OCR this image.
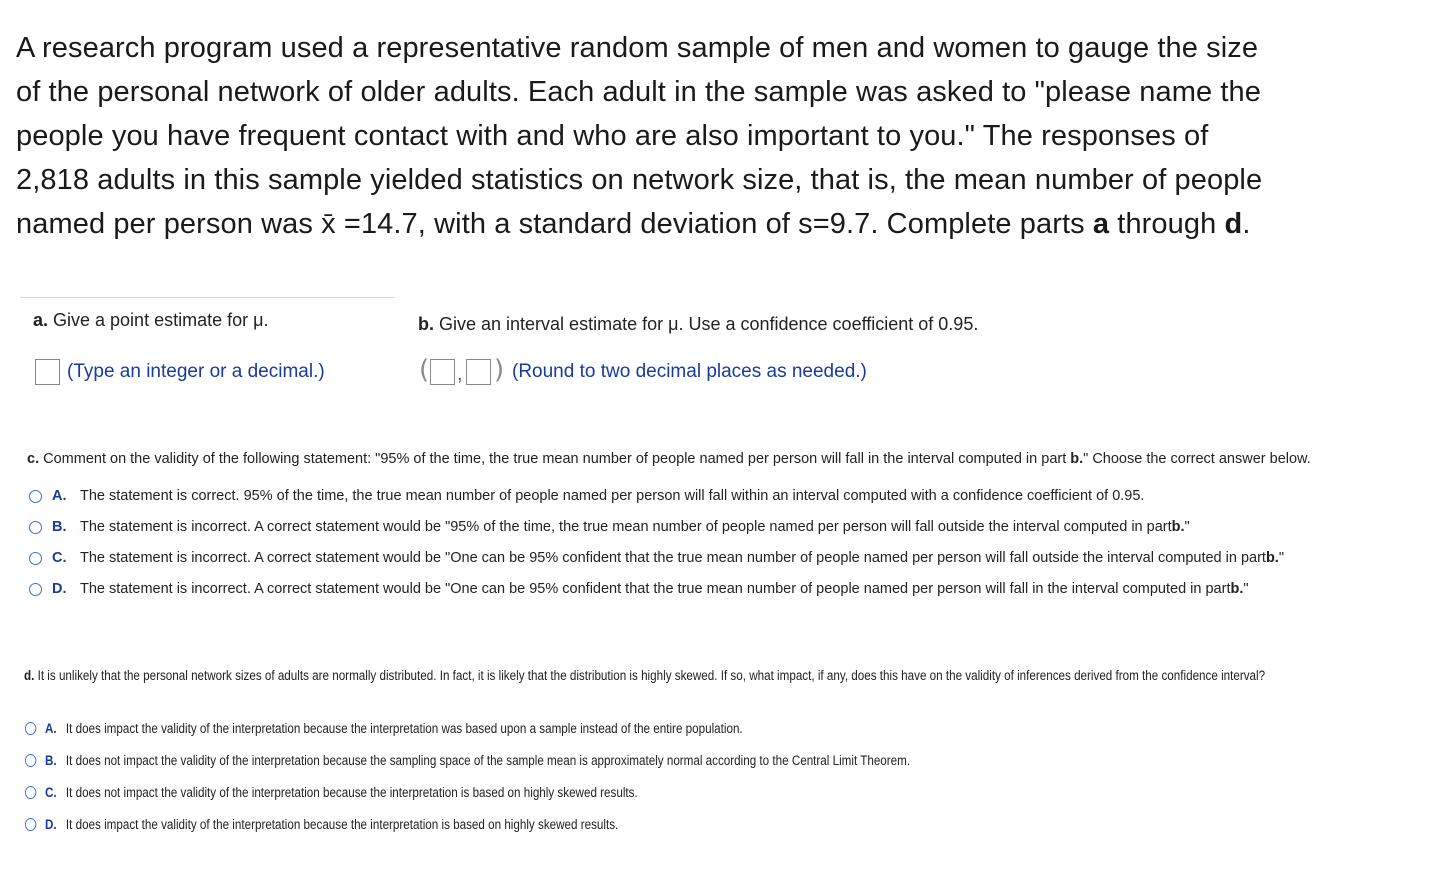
A research program used a representative random sample of men and women to gauge the size of the personal network of older adults. Each adult in the sample was asked to "please name the people you have frequent contact with and who are also important to you." The responses of 2,818 adults in this sample yielded statistics on network size, that is, the mean number of people named per person was x̄ =14.7, with a standard deviation of s=9.7. Complete parts a through d.
a. Give a point estimate for μ.
(Type an integer or a decimal.)
b. Give an interval estimate for μ. Use a confidence coefficient of 0.95.
( , ) (Round to two decimal places as needed.)
c. Comment on the validity of the following statement: "95% of the time, the true mean number of people named per person will fall in the interval computed in part b." Choose the correct answer below.
A. The statement is correct. 95% of the time, the true mean number of people named per person will fall within an interval computed with a confidence coefficient of 0.95.
B. The statement is incorrect. A correct statement would be "95% of the time, the true mean number of people named per person will fall outside the interval computed in part b. "
C. The statement is incorrect. A correct statement would be "One can be 95% confident that the true mean number of people named per person will fall outside the interval computed in part b. "
D. The statement is incorrect. A correct statement would be "One can be 95% confident that the true mean number of people named per person will fall in the interval computed in part b. "
d. It is unlikely that the personal network sizes of adults are normally distributed. In fact, it is likely that the distribution is highly skewed. If so, what impact, if any, does this have on the validity of inferences derived from the confidence interval?
A. It does impact the validity of the interpretation because the interpretation was based upon a sample instead of the entire population.
B. It does not impact the validity of the interpretation because the sampling space of the sample mean is approximately normal according to the Central Limit Theorem.
C. It does not impact the validity of the interpretation because the interpretation is based on highly skewed results.
D. It does impact the validity of the interpretation because the interpretation is based on highly skewed results.
